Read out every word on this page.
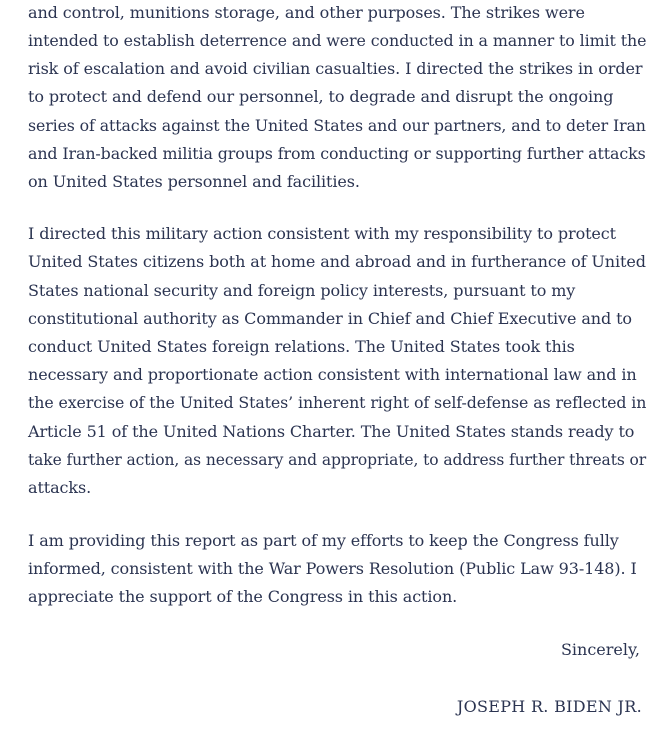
and control, munitions storage, and other purposes. The strikes were
intended to establish deterrence and were conducted in a manner to limit the
risk of escalation and avoid civilian casualties. I directed the strikes in order
to protect and defend our personnel, to degrade and disrupt the ongoing
series of attacks against the United States and our partners, and to deter Iran
and Iran-backed militia groups from conducting or supporting further attacks
on United States personnel and facilities.
I directed this military action consistent with my responsibility to protect
United States citizens both at home and abroad and in furtherance of United
States national security and foreign policy interests, pursuant to my
constitutional authority as Commander in Chief and Chief Executive and to
conduct United States foreign relations. The United States took this
necessary and proportionate action consistent with international law and in
the exercise of the United States’ inherent right of self-defense as reflected in
Article 51 of the United Nations Charter. The United States stands ready to
take further action, as necessary and appropriate, to address further threats or
attacks.
I am providing this report as part of my efforts to keep the Congress fully
informed, consistent with the War Powers Resolution (Public Law 93-148). I
appreciate the support of the Congress in this action.
Sincerely,
JOSEPH R. BIDEN JR.
